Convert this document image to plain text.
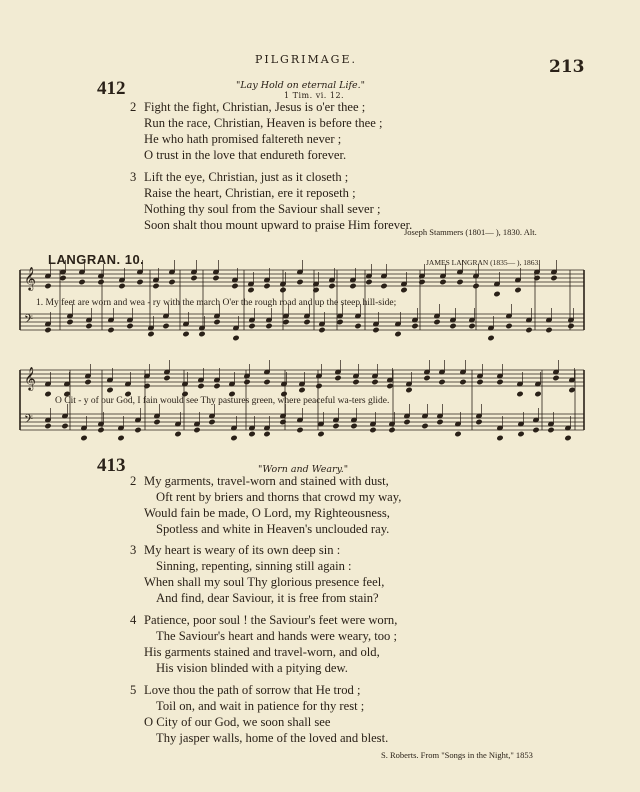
PILGRIMAGE.	213
412	"Lay Hold on eternal Life."
1 Tim. vi. 12.
2 Fight the fight, Christian, Jesus is o'er thee ;
Run the race, Christian, Heaven is before thee ;
He who hath promised faltereth never ;
O trust in the love that endureth forever.
3 Lift the eye, Christian, just as it closeth ;
Raise the heart, Christian, ere it reposeth ;
Nothing thy soul from the Saviour shall sever ;
Soon shalt thou mount upward to praise Him forever.
Joseph Stammers (1801— ), 1830. Alt.
LANGRAN. 10.	JAMES LANGRAN (1835— ), 1863.
𝄞
𝄢
𝄞
𝄢
1. My feet are worn and wea - ry with the march O'er the rough road and up the steep hill-side;
O Cit - y of our God, I fain would see Thy pastures green, where peaceful wa-ters glide.
413	"Worn and Weary."
2 My garments, travel-worn and stained with dust,
Oft rent by briers and thorns that crowd my way,
Would fain be made, O Lord, my Righteousness,
Spotless and white in Heaven's unclouded ray.
3 My heart is weary of its own deep sin :
Sinning, repenting, sinning still again :
When shall my soul Thy glorious presence feel,
And find, dear Saviour, it is free from stain?
4 Patience, poor soul ! the Saviour's feet were worn,
The Saviour's heart and hands were weary, too ;
His garments stained and travel-worn, and old,
His vision blinded with a pitying dew.
5 Love thou the path of sorrow that He trod ;
Toil on, and wait in patience for thy rest ;
O City of our God, we soon shall see
Thy jasper walls, home of the loved and blest.
S. Roberts. From "Songs in the Night," 1853
